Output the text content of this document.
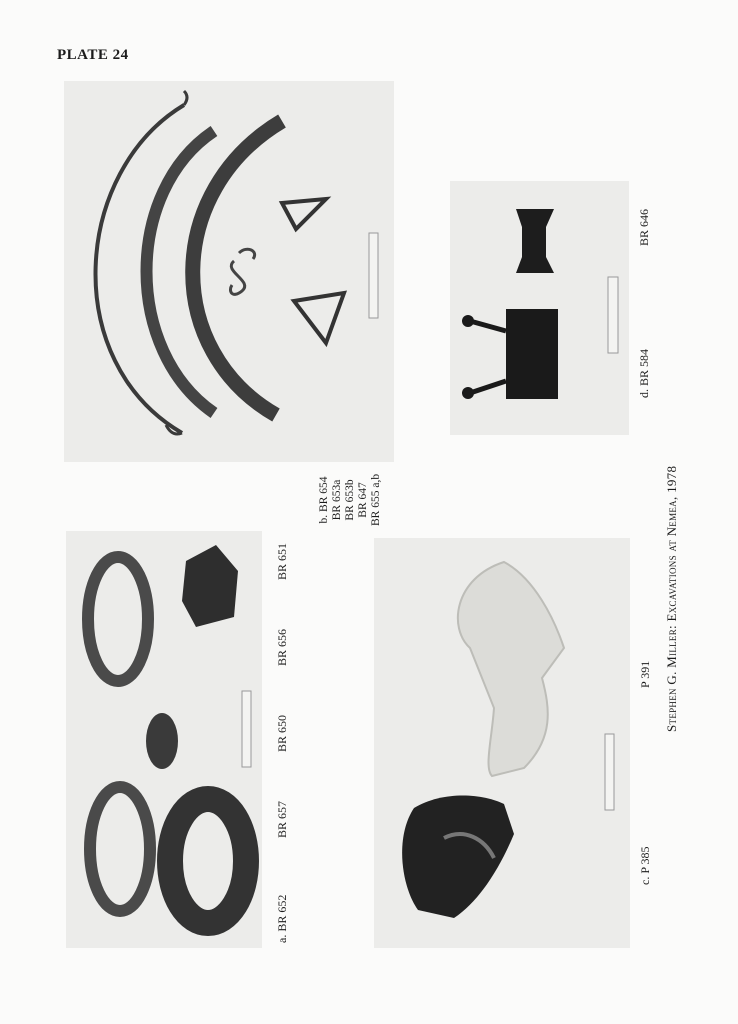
PLATE 24
a. BR 652
BR 657
BR 650
BR 656
BR 651
b. BR 654 BR 653a BR 653b BR 647 BR 655 a,b
c. P 385
P 391
d. BR 584
BR 646
Stephen G. Miller: Excavations at Nemea, 1978
